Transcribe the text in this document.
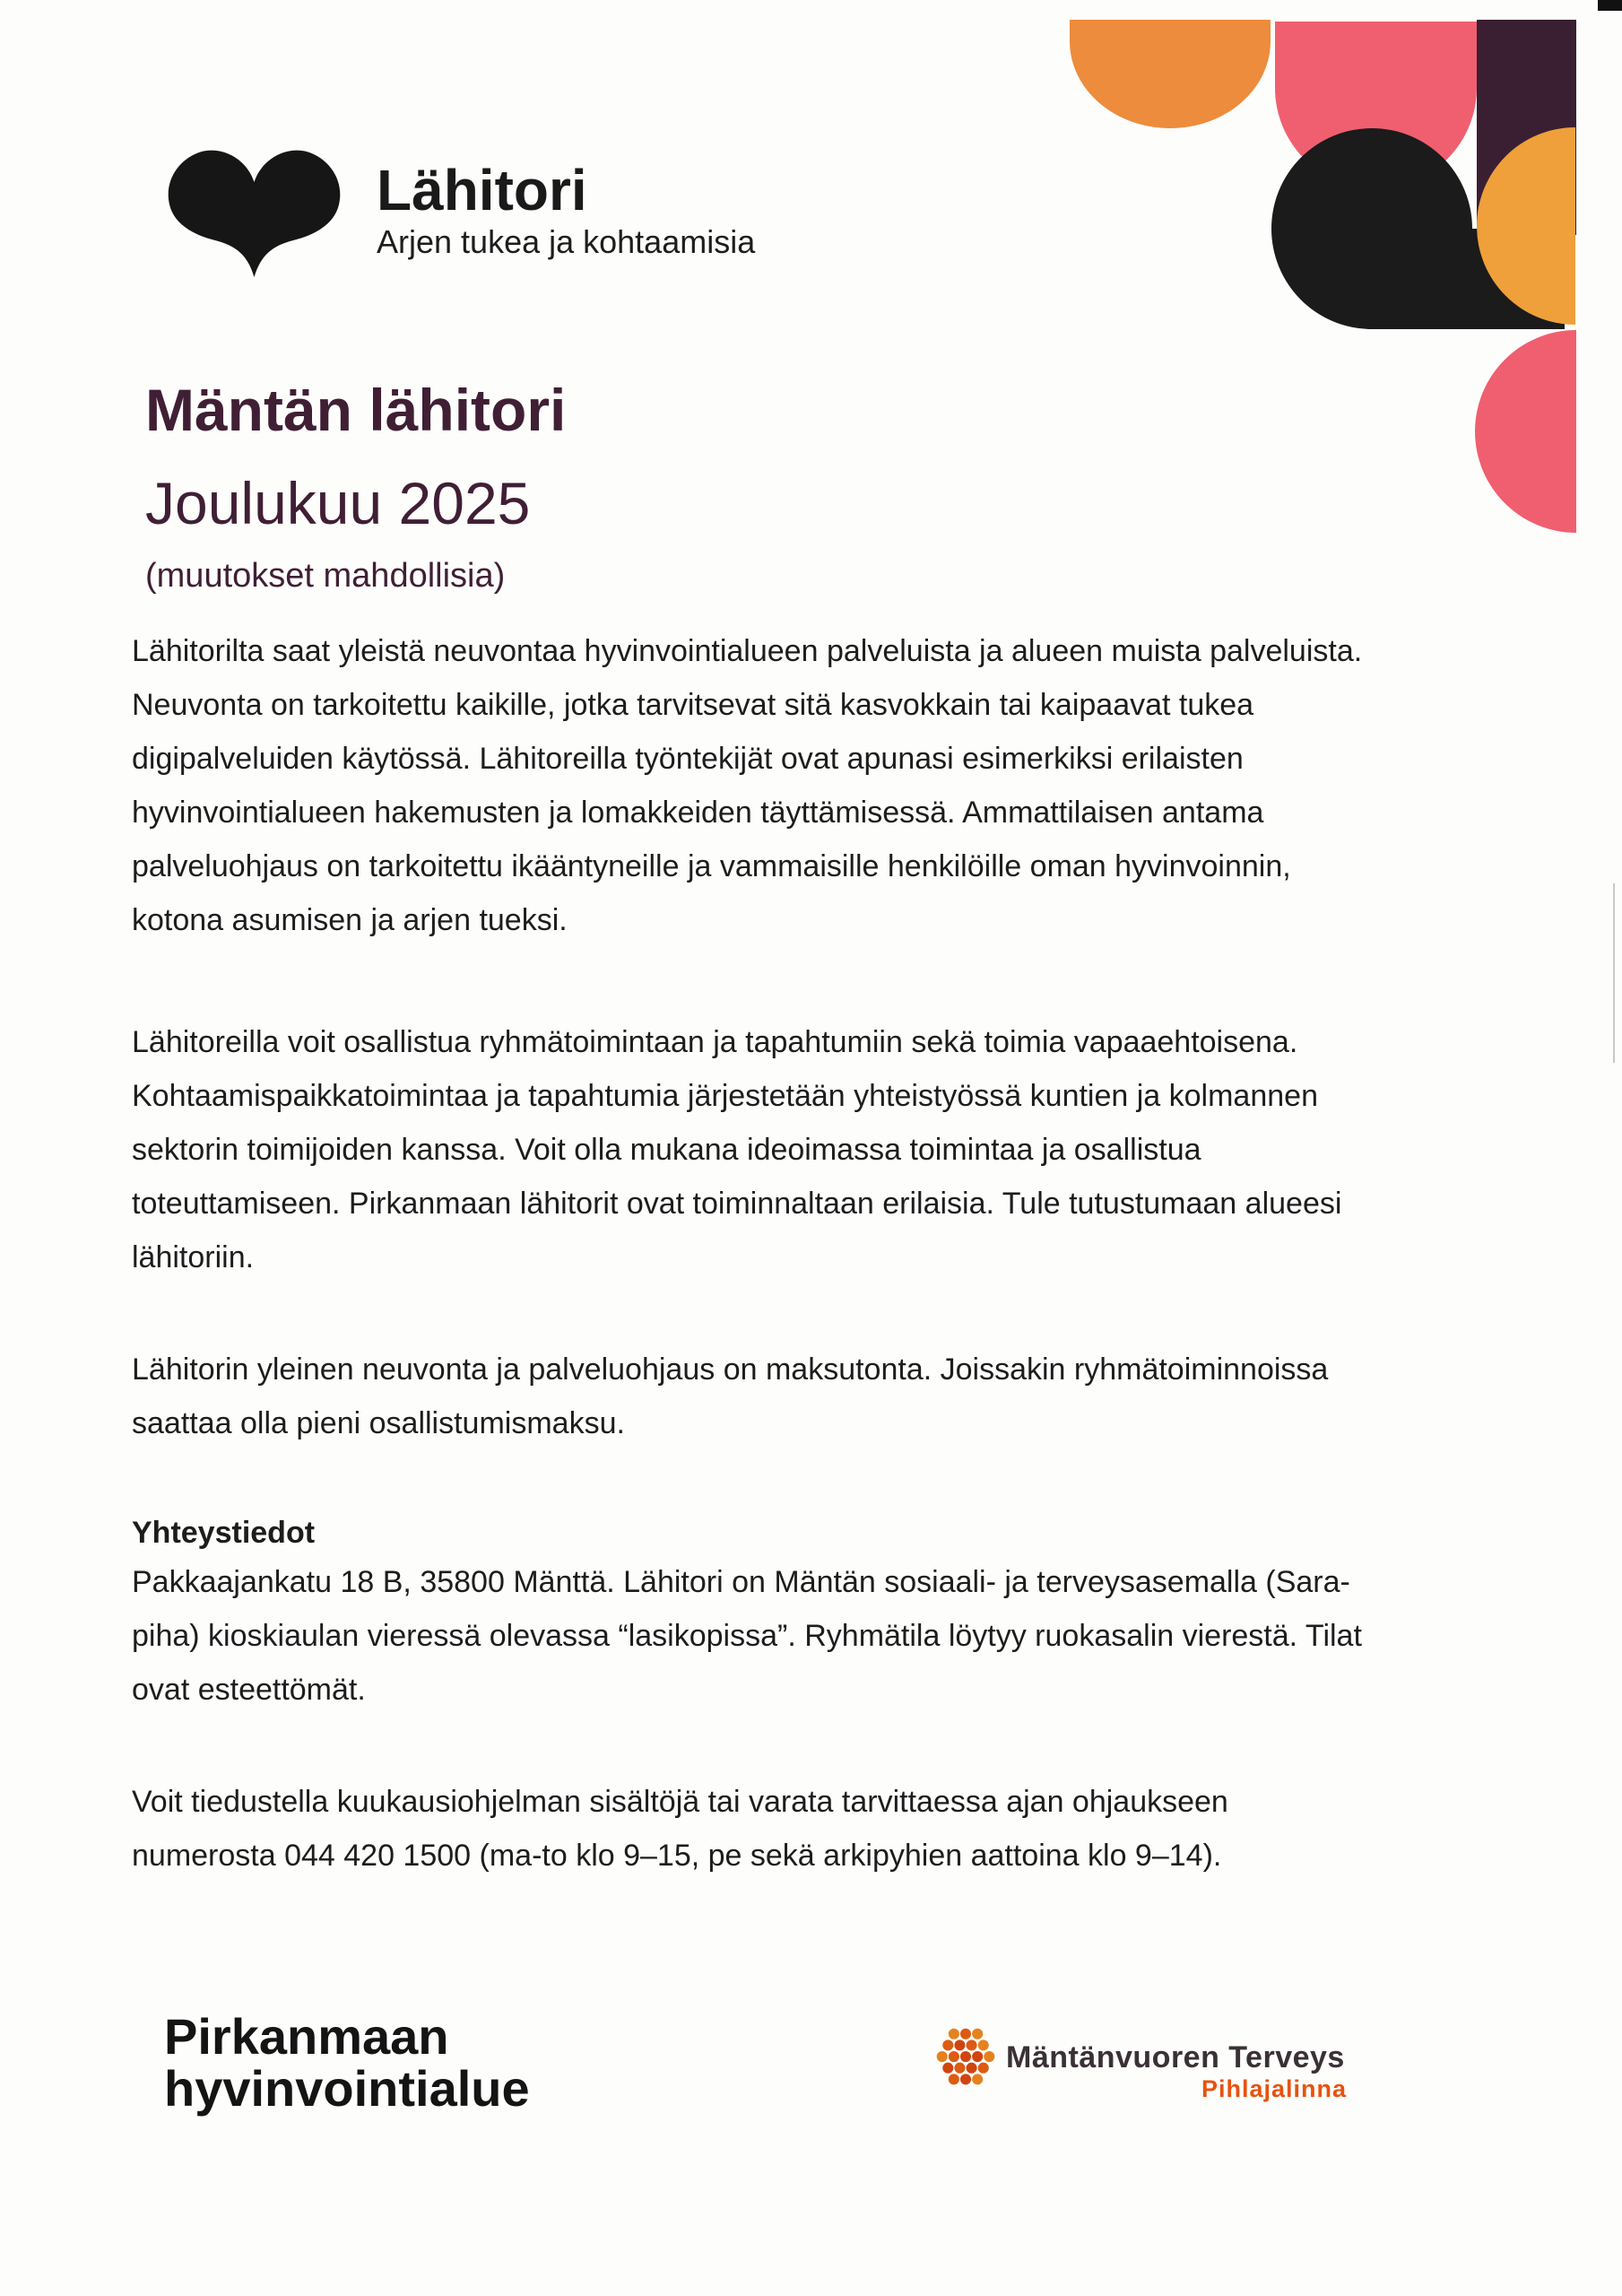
Lähitori
Arjen tukea ja kohtaamisia
Mäntän lähitori
Joulukuu 2025
(muutokset mahdollisia)
Lähitorilta saat yleistä neuvontaa hyvinvointialueen palveluista ja alueen muista palveluista.
Neuvonta on tarkoitettu kaikille, jotka tarvitsevat sitä kasvokkain tai kaipaavat tukea
digipalveluiden käytössä. Lähitoreilla työntekijät ovat apunasi esimerkiksi erilaisten
hyvinvointialueen hakemusten ja lomakkeiden täyttämisessä. Ammattilaisen antama
palveluohjaus on tarkoitettu ikääntyneille ja vammaisille henkilöille oman hyvinvoinnin,
kotona asumisen ja arjen tueksi.
Lähitoreilla voit osallistua ryhmätoimintaan ja tapahtumiin sekä toimia vapaaehtoisena.
Kohtaamispaikkatoimintaa ja tapahtumia järjestetään yhteistyössä kuntien ja kolmannen
sektorin toimijoiden kanssa. Voit olla mukana ideoimassa toimintaa ja osallistua
toteuttamiseen. Pirkanmaan lähitorit ovat toiminnaltaan erilaisia. Tule tutustumaan alueesi
lähitoriin.
Lähitorin yleinen neuvonta ja palveluohjaus on maksutonta. Joissakin ryhmätoiminnoissa
saattaa olla pieni osallistumismaksu.
Yhteystiedot
Pakkaajankatu 18 B, 35800 Mänttä. Lähitori on Mäntän sosiaali- ja terveysasemalla (Sara-
piha) kioskiaulan vieressä olevassa “lasikopissa”. Ryhmätila löytyy ruokasalin vierestä. Tilat
ovat esteettömät.
Voit tiedustella kuukausiohjelman sisältöjä tai varata tarvittaessa ajan ohjaukseen
numerosta 044 420 1500 (ma-to klo 9–15, pe sekä arkipyhien aattoina klo 9–14).
Pirkanmaan
hyvinvointialue
Mäntänvuoren Terveys
Pihlajalinna
